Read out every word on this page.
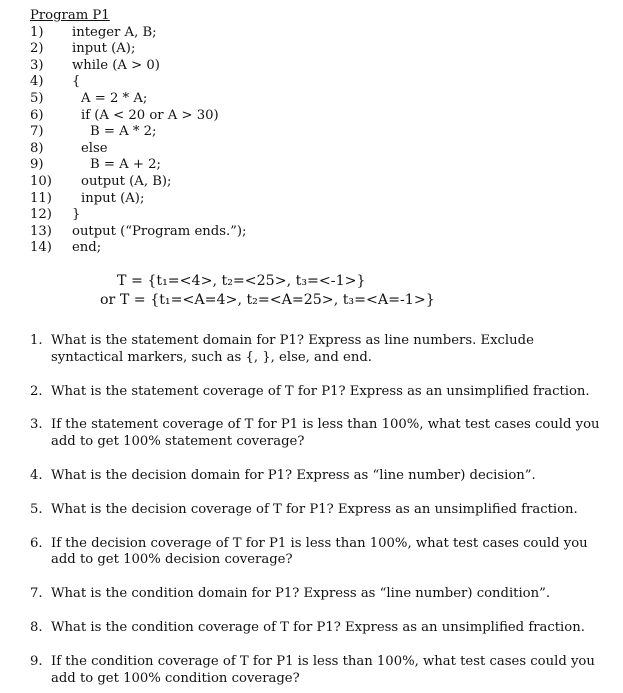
Program P1
1)	integer A, B;
2)	input (A);
3)	while (A > 0)
4)	{
5)	A = 2 * A;
6)	if (A < 20 or A > 30)
7)	B = A * 2;
8)	else
9)	B = A + 2;
10)	output (A, B);
11)	input (A);
12)	}
13)	output (“Program ends.”);
14)	end;
T = {t₁=<4>, t₂=<25>, t₃=<-1>}
or T = {t₁=<A=4>, t₂=<A=25>, t₃=<A=-1>}
1. What is the statement domain for P1? Express as line numbers. Exclude
syntactical markers, such as {, }, else, and end.
2. What is the statement coverage of T for P1? Express as an unsimplified fraction.
3. If the statement coverage of T for P1 is less than 100%, what test cases could you
add to get 100% statement coverage?
4. What is the decision domain for P1? Express as “line number) decision”.
5. What is the decision coverage of T for P1? Express as an unsimplified fraction.
6. If the decision coverage of T for P1 is less than 100%, what test cases could you
add to get 100% decision coverage?
7. What is the condition domain for P1? Express as “line number) condition”.
8. What is the condition coverage of T for P1? Express as an unsimplified fraction.
9. If the condition coverage of T for P1 is less than 100%, what test cases could you
add to get 100% condition coverage?
